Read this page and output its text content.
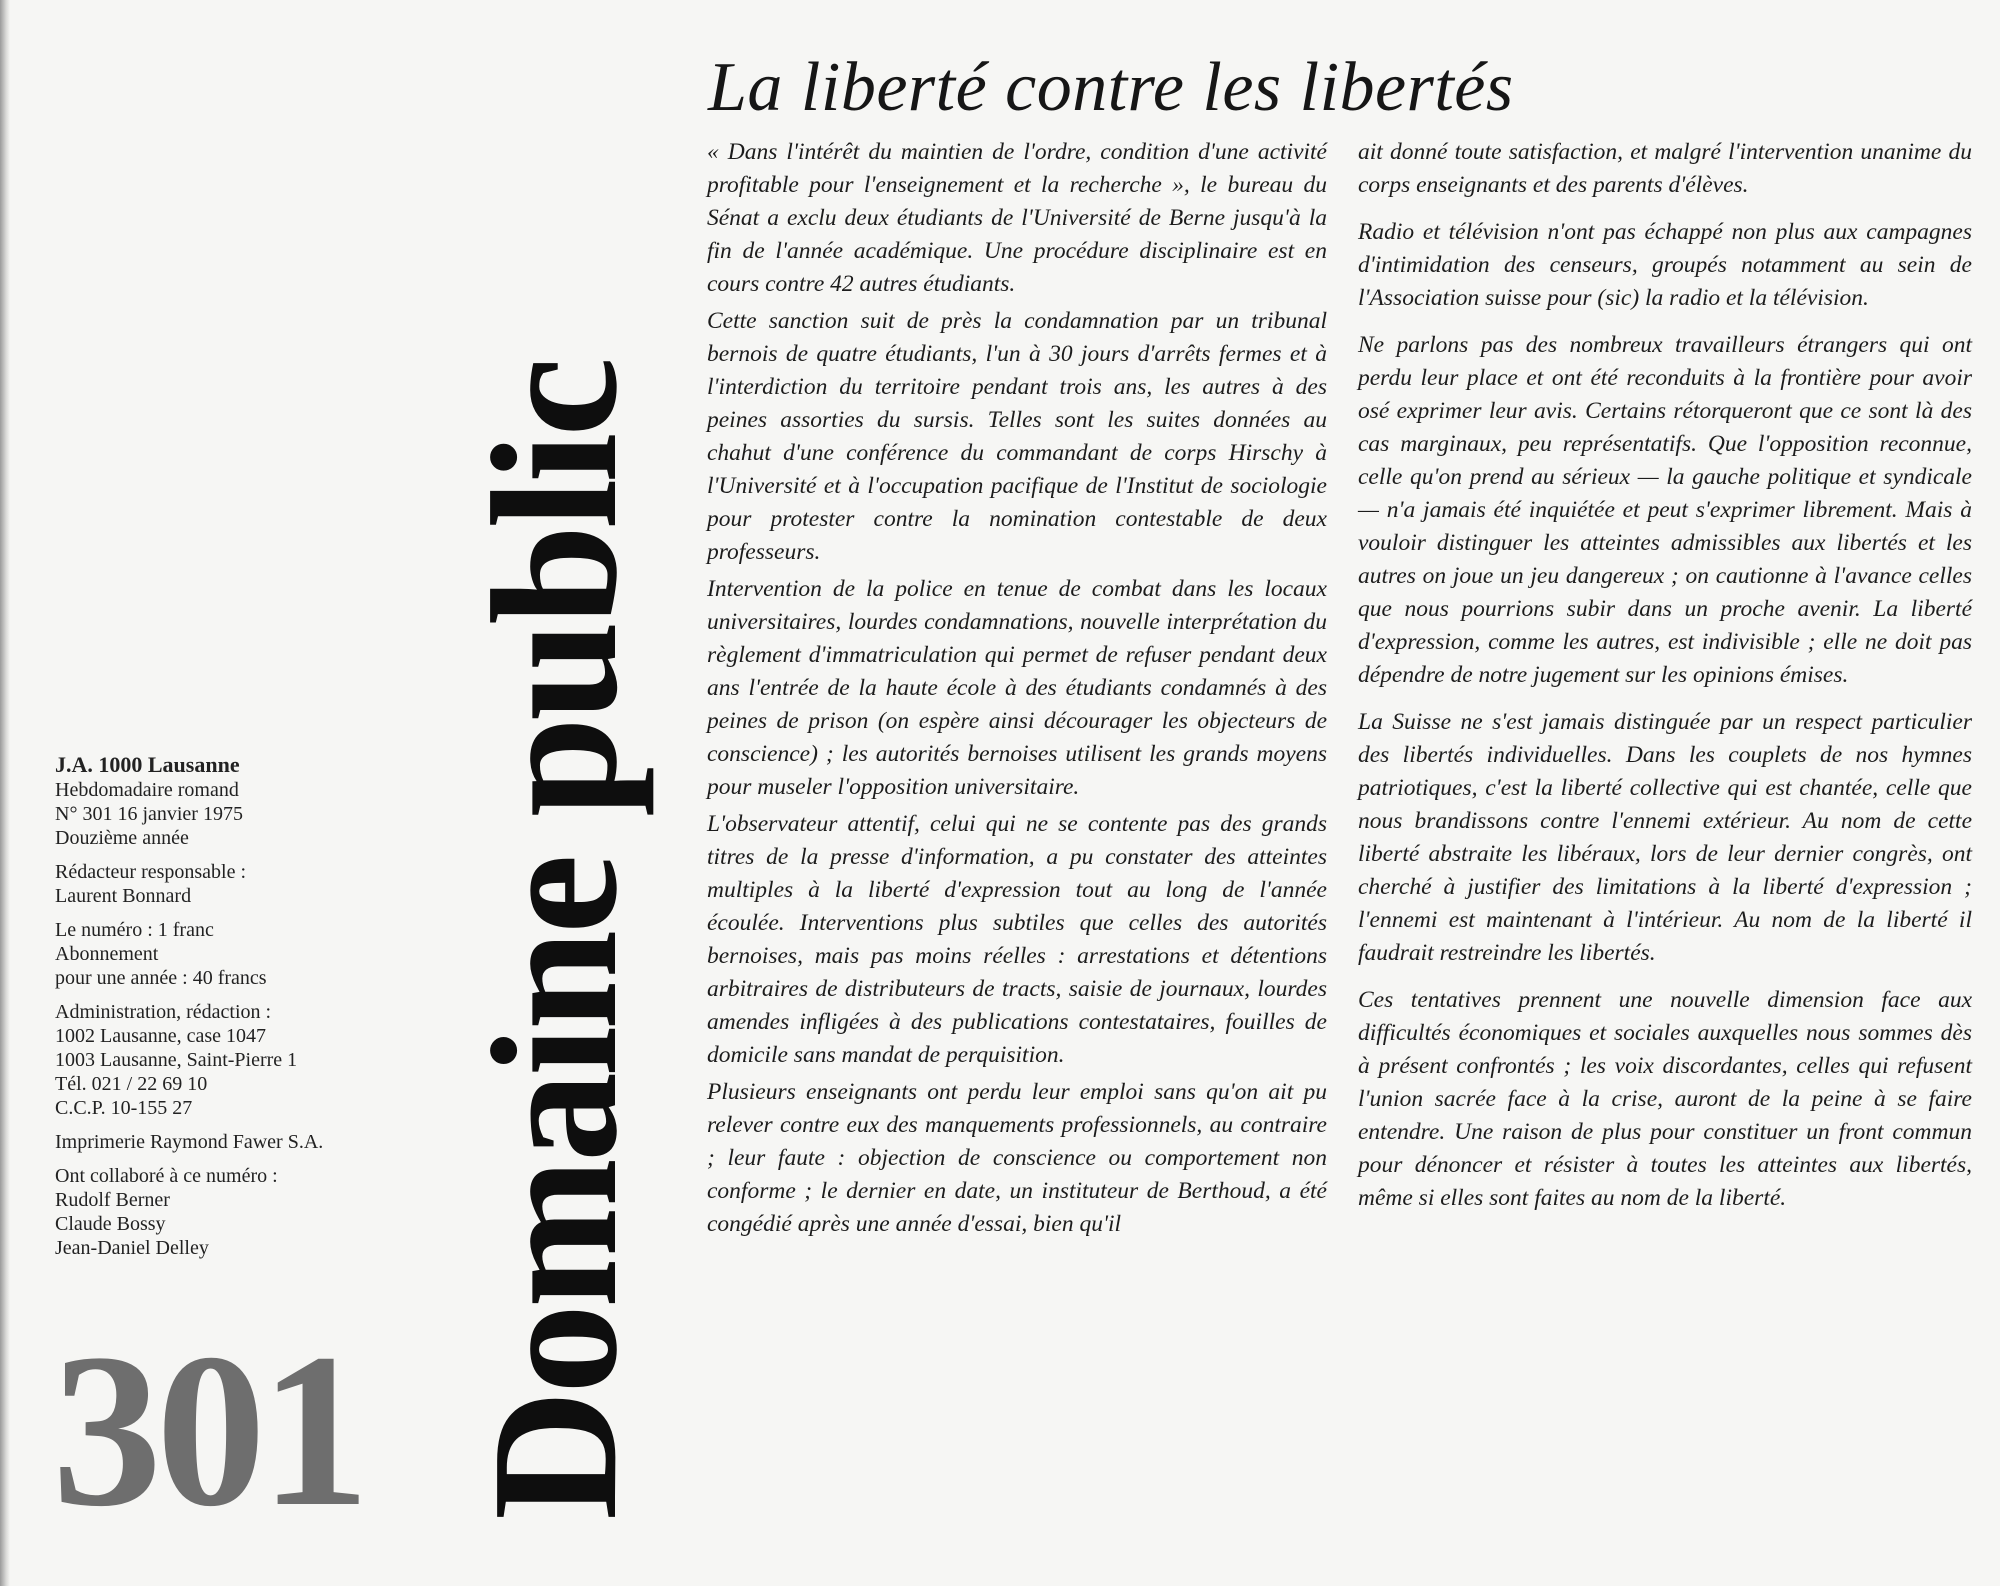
La liberté contre les libertés
Domaine public
J.A. 1000 Lausanne
Hebdomadaire romand
N° 301 16 janvier 1975
Douzième année
Rédacteur responsable :
Laurent Bonnard
Le numéro : 1 franc
Abonnement
pour une année : 40 francs
Administration, rédaction :
1002 Lausanne, case 1047
1003 Lausanne, Saint-Pierre 1
Tél. 021 / 22 69 10
C.C.P. 10-155 27
Imprimerie Raymond Fawer S.A.
Ont collaboré à ce numéro :
Rudolf Berner
Claude Bossy
Jean-Daniel Delley
301

« Dans l'intérêt du maintien de l'ordre, condition d'une activité profitable pour l'enseignement et la recherche », le bureau du Sénat a exclu deux étudiants de l'Université de Berne jusqu'à la fin de l'année académique. Une procédure disciplinaire est en cours contre 42 autres étudiants.

Cette sanction suit de près la condamnation par un tribunal bernois de quatre étudiants, l'un à 30 jours d'arrêts fermes et à l'interdiction du territoire pendant trois ans, les autres à des peines assorties du sursis. Telles sont les suites données au chahut d'une conférence du commandant de corps Hirschy à l'Université et à l'occupation pacifique de l'Institut de sociologie pour protester contre la nomination contestable de deux professeurs.

Intervention de la police en tenue de combat dans les locaux universitaires, lourdes condamnations, nouvelle interprétation du règlement d'immatriculation qui permet de refuser pendant deux ans l'entrée de la haute école à des étudiants condamnés à des peines de prison (on espère ainsi décourager les objecteurs de conscience) ; les autorités bernoises utilisent les grands moyens pour museler l'opposition universitaire.

L'observateur attentif, celui qui ne se contente pas des grands titres de la presse d'information, a pu constater des atteintes multiples à la liberté d'expression tout au long de l'année écoulée. Interventions plus subtiles que celles des autorités bernoises, mais pas moins réelles : arrestations et détentions arbitraires de distributeurs de tracts, saisie de journaux, lourdes amendes infligées à des publications contestataires, fouilles de domicile sans mandat de perquisition.

Plusieurs enseignants ont perdu leur emploi sans qu'on ait pu relever contre eux des manquements professionnels, au contraire ; leur faute : objection de conscience ou comportement non conforme ; le dernier en date, un instituteur de Berthoud, a été congédié après une année d'essai, bien qu'il

ait donné toute satisfaction, et malgré l'intervention unanime du corps enseignants et des parents d'élèves.

Radio et télévision n'ont pas échappé non plus aux campagnes d'intimidation des censeurs, groupés notamment au sein de l'Association suisse pour (sic) la radio et la télévision.

Ne parlons pas des nombreux travailleurs étrangers qui ont perdu leur place et ont été reconduits à la frontière pour avoir osé exprimer leur avis. Certains rétorqueront que ce sont là des cas marginaux, peu représentatifs. Que l'opposition reconnue, celle qu'on prend au sérieux — la gauche politique et syndicale — n'a jamais été inquiétée et peut s'exprimer librement. Mais à vouloir distinguer les atteintes admissibles aux libertés et les autres on joue un jeu dangereux ; on cautionne à l'avance celles que nous pourrions subir dans un proche avenir. La liberté d'expression, comme les autres, est indivisible ; elle ne doit pas dépendre de notre jugement sur les opinions émises.

La Suisse ne s'est jamais distinguée par un respect particulier des libertés individuelles. Dans les couplets de nos hymnes patriotiques, c'est la liberté collective qui est chantée, celle que nous brandissons contre l'ennemi extérieur. Au nom de cette liberté abstraite les libéraux, lors de leur dernier congrès, ont cherché à justifier des limitations à la liberté d'expression ; l'ennemi est maintenant à l'intérieur. Au nom de la liberté il faudrait restreindre les libertés.

Ces tentatives prennent une nouvelle dimension face aux difficultés économiques et sociales auxquelles nous sommes dès à présent confrontés ; les voix discordantes, celles qui refusent l'union sacrée face à la crise, auront de la peine à se faire entendre. Une raison de plus pour constituer un front commun pour dénoncer et résister à toutes les atteintes aux libertés, même si elles sont faites au nom de la liberté.
